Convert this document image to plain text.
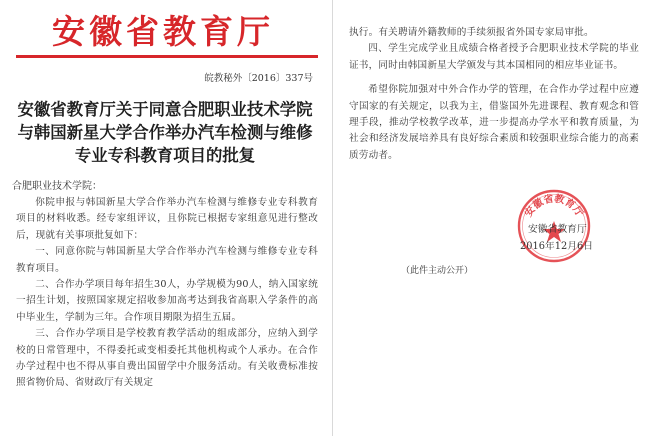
安徽省教育厅
皖教秘外〔2016〕337号
安徽省教育厅关于同意合肥职业技术学院
与韩国新星大学合作举办汽车检测与维修
专业专科教育项目的批复
合肥职业技术学院：

你院申报与韩国新星大学合作举办汽车检测与维修专业专科教育项目的材料收悉。经专家组评议，且你院已根据专家组意见进行整改后，现就有关事项批复如下：

一、同意你院与韩国新星大学合作举办汽车检测与维修专业专科教育项目。

二、合作办学项目每年招生30人，办学规模为90人，纳入国家统一招生计划，按照国家规定招收参加高考达到我省高职入学条件的高中毕业生，学制为三年。合作项目期限为招生五届。

三、合作办学项目是学校教育教学活动的组成部分，应纳入到学校的日常管理中，不得委托或变相委托其他机构或个人承办。在合作办学过程中也不得从事自费出国留学中介服务活动。有关收费标准按照省物价局、省财政厅有关规定

执行。有关聘请外籍教师的手续须报省外国专家局审批。

四、学生完成学业且成绩合格者授予合肥职业技术学院的毕业证书，同时由韩国新星大学颁发与其本国相同的相应毕业证书。

希望你院加强对中外合作办学的管理，在合作办学过程中应遵守国家的有关规定，以我为主，借鉴国外先进课程、教育观念和管理手段，推动学校教学改革，进一步提高办学水平和教育质量，为社会和经济发展培养具有良好综合素质和较强职业综合能力的高素质劳动者。

安徽省教育厅
安徽省教育厅
2016年12月6日
（此件主动公开）
